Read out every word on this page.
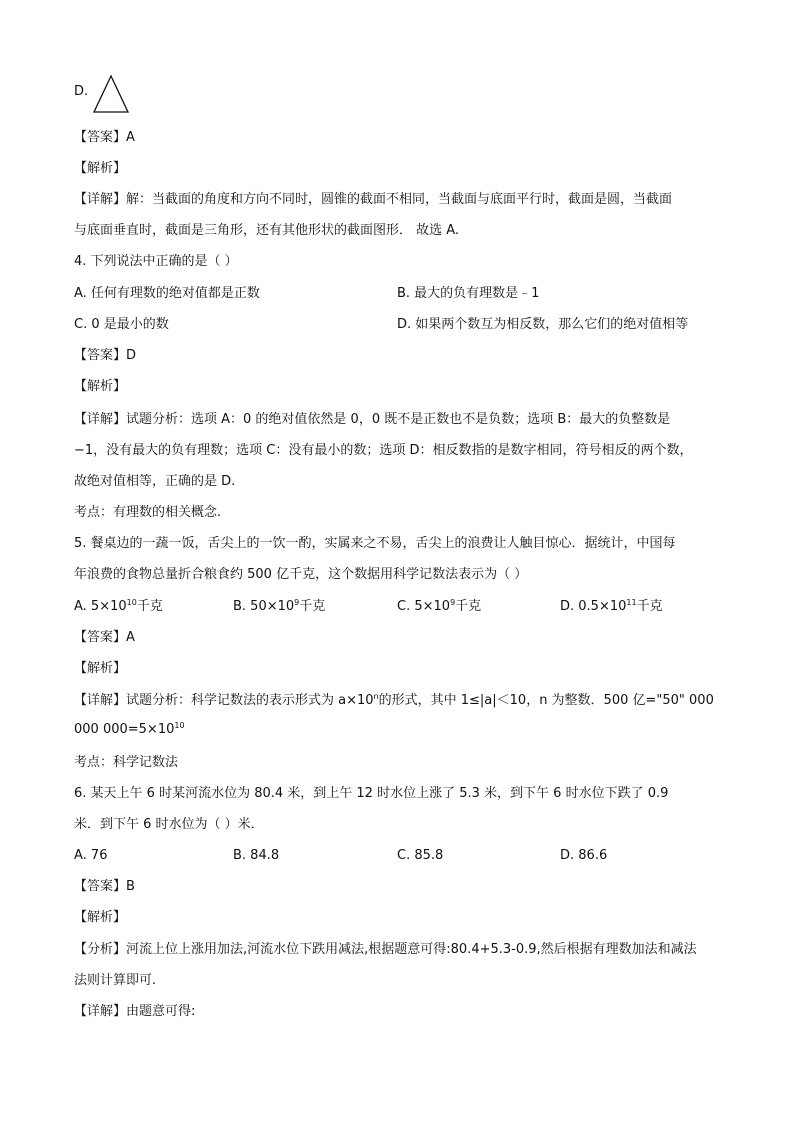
D.
【答案】A
【解析】
【详解】解：当截面的角度和方向不同时，圆锥的截面不相同，当截面与底面平行时，截面是圆，当截面
与底面垂直时，截面是三角形，还有其他形状的截面图形． 故选 A.
4. 下列说法中正确的是（ ）
A. 任何有理数的绝对值都是正数	B. 最大的负有理数是﹣1
C. 0 是最小的数	D. 如果两个数互为相反数，那么它们的绝对值相等
【答案】D
【解析】
【详解】试题分析：选项 A：0 的绝对值依然是 0，0 既不是正数也不是负数；选项 B：最大的负整数是
−1，没有最大的负有理数；选项 C：没有最小的数；选项 D：相反数指的是数字相同，符号相反的两个数，
故绝对值相等，正确的是 D.
考点：有理数的相关概念.
5. 餐桌边的一蔬一饭，舌尖上的一饮一酌，实属来之不易，舌尖上的浪费让人触目惊心．据统计，中国每
年浪费的食物总量折合粮食约 500 亿千克，这个数据用科学记数法表示为（ ）
A. $5\times 10^{10}$千克	B. $50\times 10^9$千克	C. $5\times 10^9$千克	D. $0.5\times 10^{11}$千克
【答案】A
【解析】
【详解】试题分析：科学记数法的表示形式为 $a\times 10^n$的形式，其中 1≤|a|＜10，n 为整数．500 亿="50" 000
000 $000=5\times 10^{10}$
考点：科学记数法
6. 某天上午 6 时某河流水位为 80.4 米，到上午 12 时水位上涨了 5.3 米，到下午 6 时水位下跌了 0.9
米．到下午 6 时水位为（ ）米．
A. 76	B. 84.8	C. 85.8	D. 86.6
【答案】B
【解析】
【分析】河流上位上涨用加法,河流水位下跌用减法,根据题意可得:80.4+5.3-0.9,然后根据有理数加法和减法
法则计算即可.
【详解】由题意可得:
